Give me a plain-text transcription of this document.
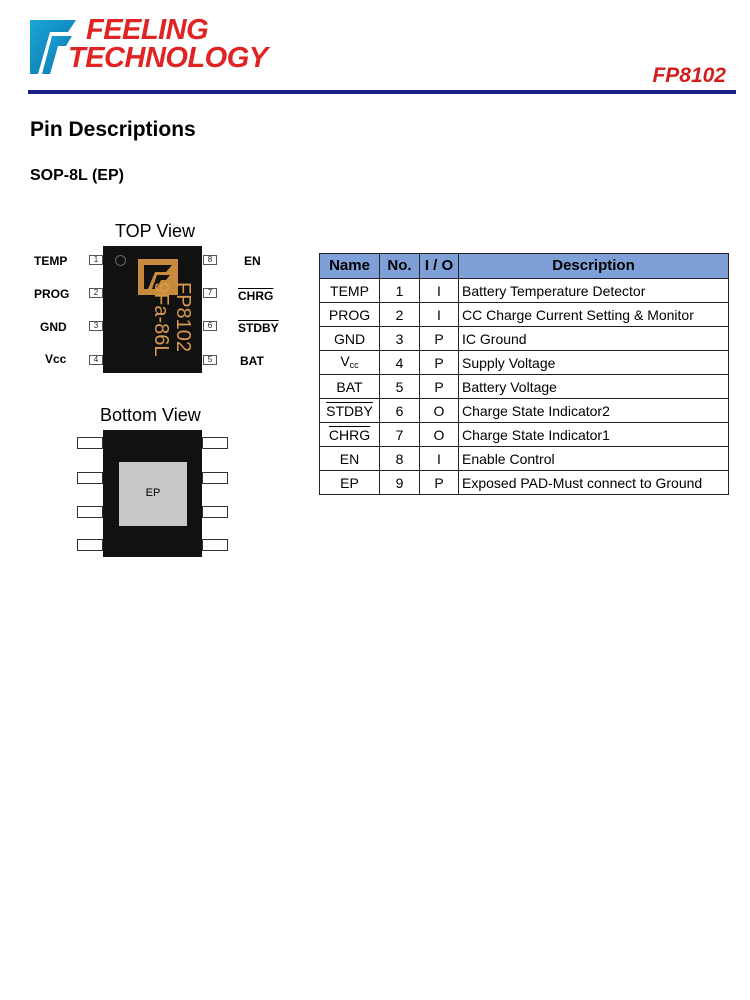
FEELING
TECHNOLOGY
FP8102
Pin Descriptions
SOP-8L (EP)
TOP View
FP8102
9Fa-86L
TEMP	1
PROG	2
GND	3
Vcc	4
8	EN
7	CHRG
6	STDBY
5	BAT
Bottom View
EP
Name	No.	I / O	Description
TEMP	1	I	Battery Temperature Detector
PROG	2	I	CC Charge Current Setting & Monitor
GND	3	P	IC Ground
$V_{cc}$	4	P	Supply Voltage
BAT	5	P	Battery Voltage
STDBY	6	O	Charge State Indicator2
CHRG	7	O	Charge State Indicator1
EN	8	I	Enable Control
EP	9	P	Exposed PAD-Must connect to Ground
